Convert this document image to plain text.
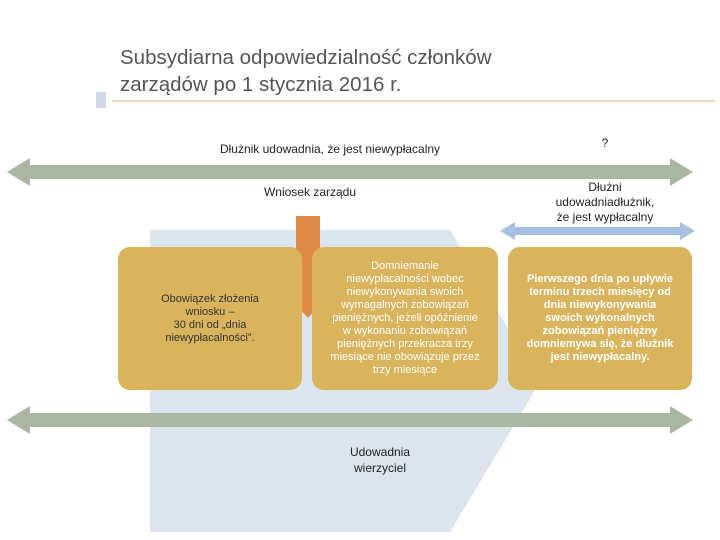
Subsydiarna odpowiedzialność członków
zarządów po 1 stycznia 2016 r.
Dłużnik udowadnia, że jest niewypłacalny	?
Wniosek zarządu	Dłużni
udowadniadłużnik,
że jest wypłacalny
Obowiązek złożenia
wniosku –
30 dni od „dnia
niewypłacalności”.
Domniemanie
niewypłacalności wobec
niewykonywania swoich
wymagalnych zobowiązań
pieniężnych, jeżeli opóźnienie
w wykonaniu zobowiązań
pieniężnych przekracza trzy
miesiące nie obowiązuje przez
trzy miesiące
Pierwszego dnia po upływie
terminu trzech miesięcy od
dnia niewykonywania
swoich wykonalnych
zobowiązań pieniężny
domniemywa się, że dłużnik
jest niewypłacalny.
Udowadnia
wierzyciel
